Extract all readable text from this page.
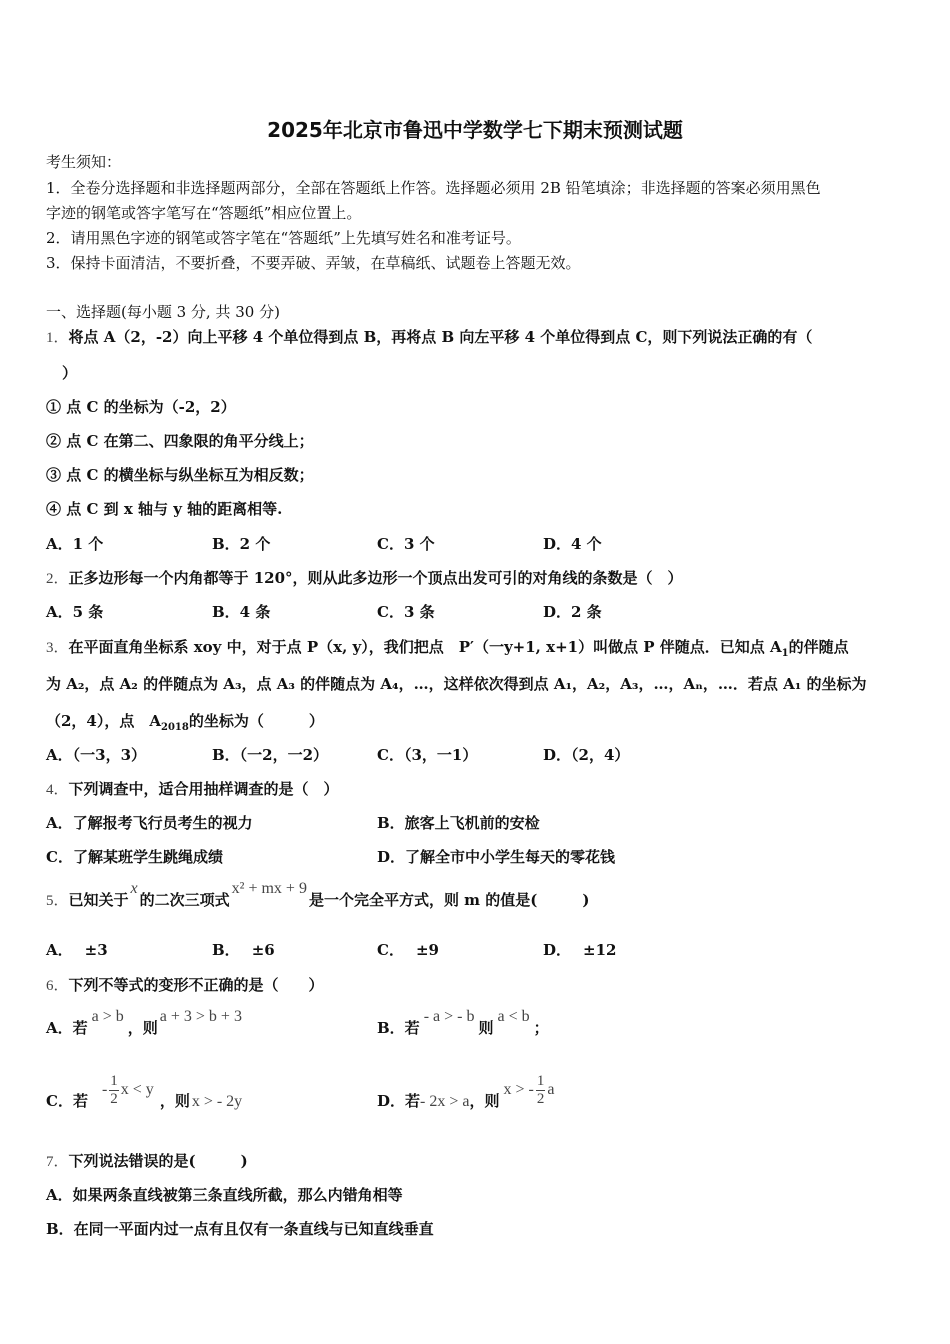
2025年北京市鲁迅中学数学七下期末预测试题
考生须知：
1．全卷分选择题和非选择题两部分，全部在答题纸上作答。选择题必须用 2B 铅笔填涂；非选择题的答案必须用黑色
字迹的钢笔或答字笔写在“答题纸”相应位置上。
2．请用黑色字迹的钢笔或答字笔在“答题纸”上先填写姓名和准考证号。
3．保持卡面清洁，不要折叠，不要弄破、弄皱，在草稿纸、试题卷上答题无效。
一、选择题(每小题 3 分, 共 30 分)
1．将点 A（2，-2）向上平移 4 个单位得到点 B，再将点 B 向左平移 4 个单位得到点 C，则下列说法正确的有（
）
① 点 C 的坐标为（-2，2）
② 点 C 在第二、四象限的角平分线上；
③ 点 C 的横坐标与纵坐标互为相反数；
④ 点 C 到 x 轴与 y 轴的距离相等.
A．1 个	B．2 个	C．3 个	D．4 个
2．正多边形每一个内角都等于 120°，则从此多边形一个顶点出发可引的对角线的条数是（　）
A．5 条	B．4 条	C．3 条	D．2 条
3．在平面直角坐标系 xoy 中，对于点 P（x, y），我们把点　P′（一y+1, x+1）叫做点 P 伴随点．已知点 $A_1$的伴随点
为 A₂，点 A₂ 的伴随点为 A₃，点 A₃ 的伴随点为 A₄，…，这样依次得到点 A₁，A₂，A₃，…，Aₙ，…．若点 A₁ 的坐标为
（2，4），点　$A_{2018}$的坐标为（　　　）
A．（一3，3）	B．（一2，一2）	C．（3，一1）	D．（2，4）
4．下列调查中，适合用抽样调查的是（　）
A．了解报考飞行员考生的视力	B．旅客上飞机前的安检
C．了解某班学生跳绳成绩	D．了解全市中小学生每天的零花钱
5．已知关于x的二次三项式x² + mx + 9是一个完全平方式，则 m 的值是(　　　)
A． ±3	B． ±6	C． ±9	D． ±12
6．下列不等式的变形不正确的是（　　）
A．若a > b，则a + 3 > b + 3
B．若- a > - b则a < b；
C．若- $\frac{1}{2}$ x < y，则 x > - 2y	D．若- 2x > a，则x > - $\frac{1}{2}$ a
7．下列说法错误的是(　　　)
A．如果两条直线被第三条直线所截，那么内错角相等
B．在同一平面内过一点有且仅有一条直线与已知直线垂直
